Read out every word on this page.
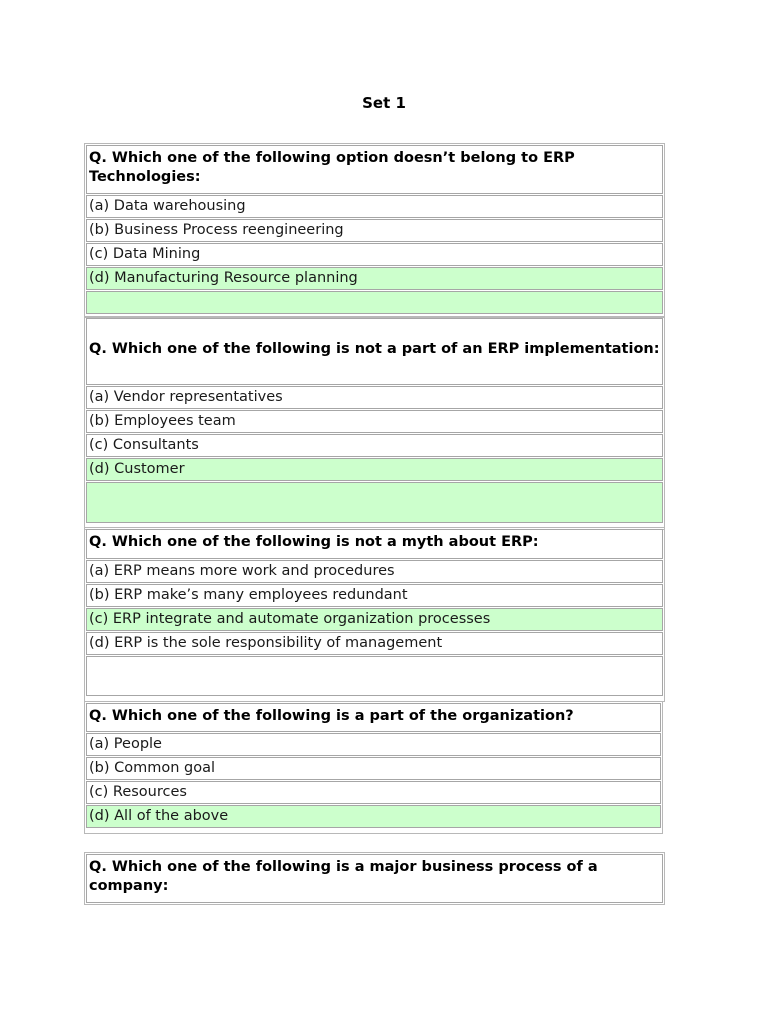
Set 1
Q. Which one of the following option doesn’t belong to ERP Technologies:
(a) Data warehousing
(b) Business Process reengineering
(c) Data Mining
(d) Manufacturing Resource planning
Q. Which one of the following is not a part of an ERP implementation:
(a) Vendor representatives
(b) Employees team
(c) Consultants
(d) Customer
Q. Which one of the following is not a myth about ERP:
(a) ERP means more work and procedures
(b) ERP make’s many employees redundant
(c) ERP integrate and automate organization processes
(d) ERP is the sole responsibility of management
Q. Which one of the following is a part of the organization?
(a) People
(b) Common goal
(c) Resources
(d) All of the above
Q. Which one of the following is a major business process of a company:
